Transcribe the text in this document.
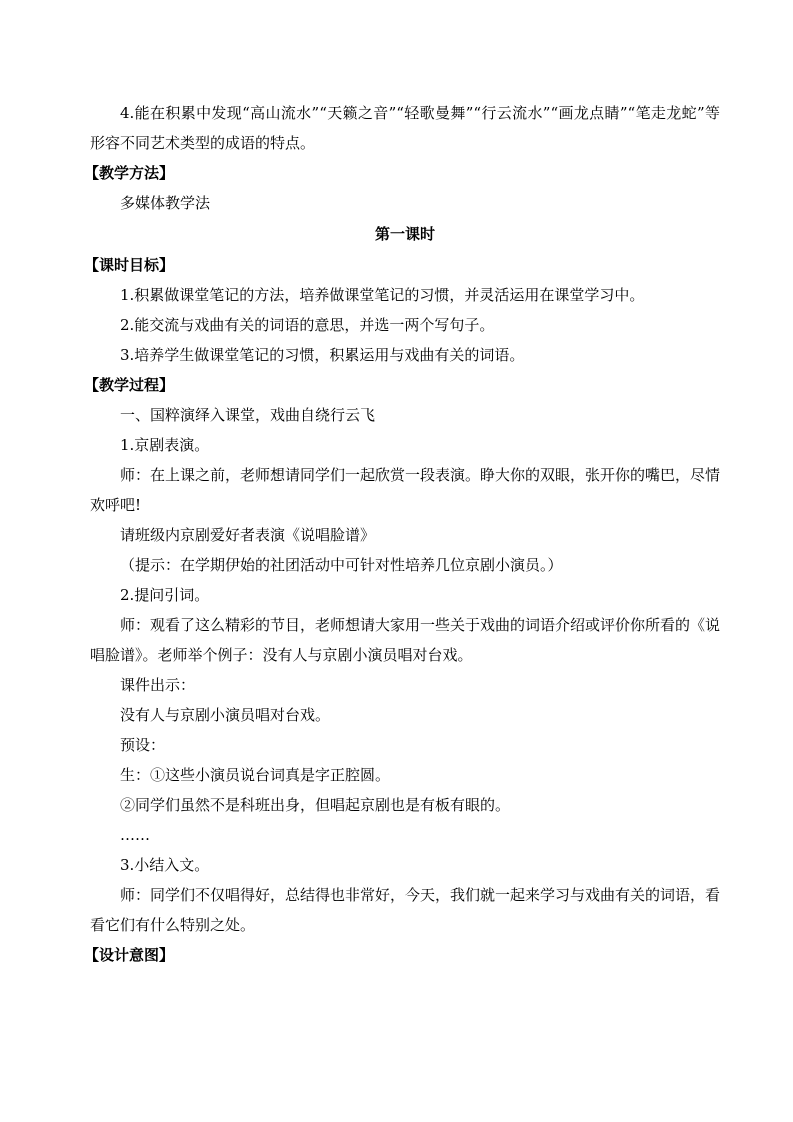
4.能在积累中发现“高山流水”“天籁之音”“轻歌曼舞”“行云流水”“画龙点睛”“笔走龙蛇”等形容不同艺术类型的成语的特点。
【教学方法】
多媒体教学法
第一课时
【课时目标】
1.积累做课堂笔记的方法，培养做课堂笔记的习惯，并灵活运用在课堂学习中。
2.能交流与戏曲有关的词语的意思，并选一两个写句子。
3.培养学生做课堂笔记的习惯，积累运用与戏曲有关的词语。
【教学过程】
一、国粹演绎入课堂，戏曲自绕行云飞
1.京剧表演。
师：在上课之前，老师想请同学们一起欣赏一段表演。睁大你的双眼，张开你的嘴巴，尽情欢呼吧!
请班级内京剧爱好者表演《说唱脸谱》
（提示：在学期伊始的社团活动中可针对性培养几位京剧小演员。）
2.提问引词。
师：观看了这么精彩的节目，老师想请大家用一些关于戏曲的词语介绍或评价你所看的《说唱脸谱》。老师举个例子：没有人与京剧小演员唱对台戏。
课件出示：
没有人与京剧小演员唱对台戏。
预设：
生：①这些小演员说台词真是字正腔圆。
②同学们虽然不是科班出身，但唱起京剧也是有板有眼的。
……
3.小结入文。
师：同学们不仅唱得好，总结得也非常好，今天，我们就一起来学习与戏曲有关的词语，看看它们有什么特别之处。
【设计意图】
